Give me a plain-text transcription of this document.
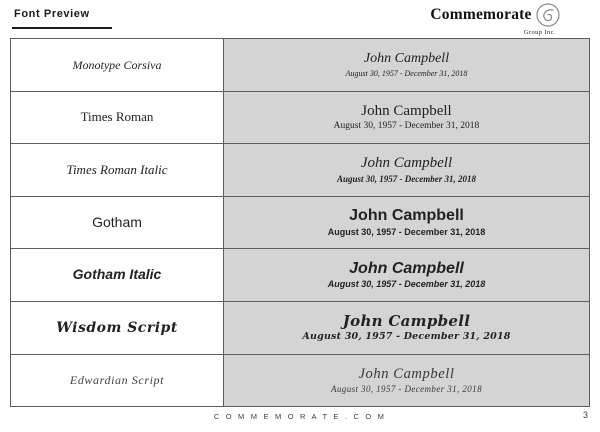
Font Preview	Commemorate
Group Inc.
Monotype Corsiva	John Campbell
August 30, 1957 - December 31, 2018

Times Roman	John Campbell
August 30, 1957 - December 31, 2018

Times Roman Italic	John Campbell
August 30, 1957 - December 31, 2018

Gotham	John Campbell
August 30, 1957 - December 31, 2018

Gotham Italic	John Campbell
August 30, 1957 - December 31, 2018

Wisdom Script	John Campbell
August 30, 1957 - December 31, 2018

Edwardian Script	John Campbell
August 30, 1957 - December 31, 2018
C O M M E M O R A T E . C O M	3
